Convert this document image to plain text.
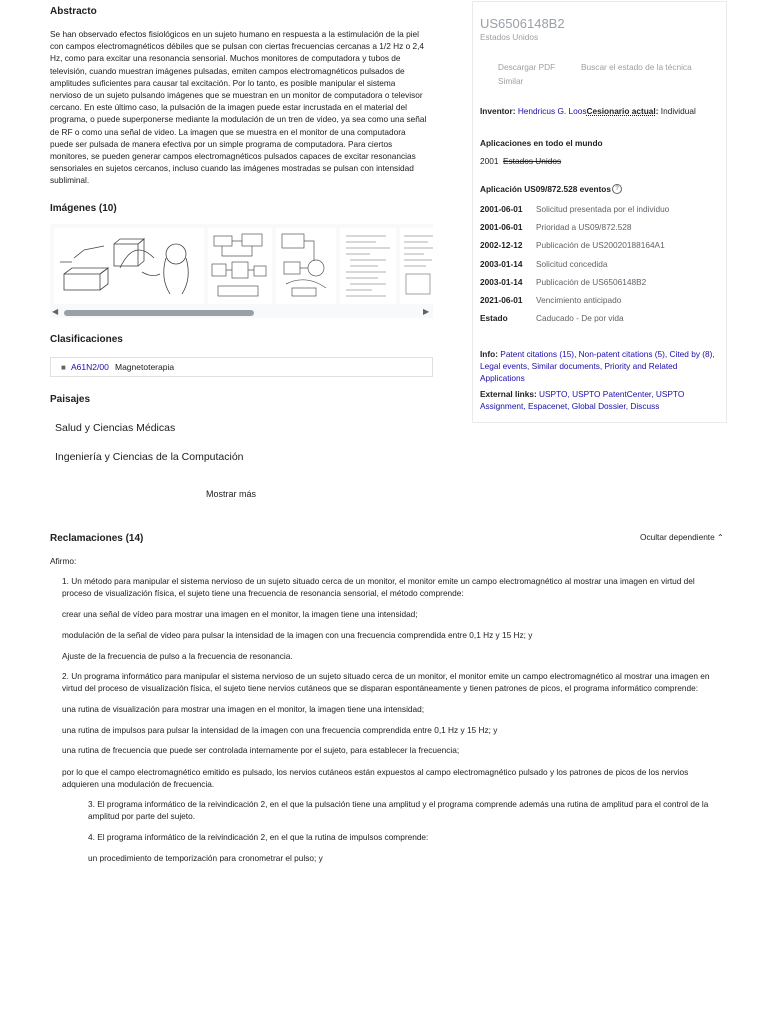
Abstracto
Se han observado efectos fisiológicos en un sujeto humano en respuesta a la estimulación de la piel con campos electromagnéticos débiles que se pulsan con ciertas frecuencias cercanas a 1/2 Hz o 2,4 Hz, como para excitar una resonancia sensorial. Muchos monitores de computadora y tubos de televisión, cuando muestran imágenes pulsadas, emiten campos electromagnéticos pulsados de amplitudes suficientes para causar tal excitación. Por lo tanto, es posible manipular el sistema nervioso de un sujeto pulsando imágenes que se muestran en un monitor de computadora o televisor cercano. En este último caso, la pulsación de la imagen puede estar incrustada en el material del programa, o puede superponerse mediante la modulación de un tren de video, ya sea como una señal de RF o como una señal de video. La imagen que se muestra en el monitor de una computadora puede ser pulsada de manera efectiva por un simple programa de computadora. Para ciertos monitores, se pueden generar campos electromagnéticos pulsados capaces de excitar resonancias sensoriales en sujetos cercanos, incluso cuando las imágenes mostradas se pulsan con intensidad subliminal.
Imágenes (10)
◀	▶
Clasificaciones
■ A61N2/00 Magnetoterapia
Paisajes
Salud y Ciencias Médicas
Ingeniería y Ciencias de la Computación
Mostrar más
Reclamaciones (14)	Ocultar dependiente ⌃
Afirmo:
1. Un método para manipular el sistema nervioso de un sujeto situado cerca de un monitor, el monitor emite un campo electromagnético al mostrar una imagen en virtud del proceso de visualización física, el sujeto tiene una frecuencia de resonancia sensorial, el método comprende:
crear una señal de vídeo para mostrar una imagen en el monitor, la imagen tiene una intensidad;
modulación de la señal de video para pulsar la intensidad de la imagen con una frecuencia comprendida entre 0,1 Hz y 15 Hz; y
Ajuste de la frecuencia de pulso a la frecuencia de resonancia.
2. Un programa informático para manipular el sistema nervioso de un sujeto situado cerca de un monitor, el monitor emite un campo electromagnético al mostrar una imagen en virtud del proceso de visualización física, el sujeto tiene nervios cutáneos que se disparan espontáneamente y tienen patrones de picos, el programa informático comprende:
una rutina de visualización para mostrar una imagen en el monitor, la imagen tiene una intensidad;
una rutina de impulsos para pulsar la intensidad de la imagen con una frecuencia comprendida entre 0,1 Hz y 15 Hz; y
una rutina de frecuencia que puede ser controlada internamente por el sujeto, para establecer la frecuencia;
por lo que el campo electromagnético emitido es pulsado, los nervios cutáneos están expuestos al campo electromagnético pulsado y los patrones de picos de los nervios adquieren una modulación de frecuencia.
3. El programa informático de la reivindicación 2, en el que la pulsación tiene una amplitud y el programa comprende además una rutina de amplitud para el control de la amplitud por parte del sujeto.
4. El programa informático de la reivindicación 2, en el que la rutina de impulsos comprende:
un procedimiento de temporización para cronometrar el pulso; y
US6506148B2
Estados Unidos
Descargar PDF	Buscar el estado de la técnica
Similar
Inventor: Hendricus G. LoosCesionario actual: Individual
Aplicaciones en todo el mundo
2001 Estados Unidos
Aplicación US09/872.528 eventos ?
2001-06-01 Solicitud presentada por el individuo
2001-06-01 Prioridad a US09/872.528
2002-12-12 Publicación de US20020188164A1
2003-01-14 Solicitud concedida
2003-01-14 Publicación de US6506148B2
2021-06-01 Vencimiento anticipado
Estado	Caducado - De por vida
Info: Patent citations (15), Non-patent citations (5), Cited by (8), Legal events, Similar documents, Priority and Related Applications
External links: USPTO, USPTO PatentCenter, USPTO Assignment, Espacenet, Global Dossier, Discuss
